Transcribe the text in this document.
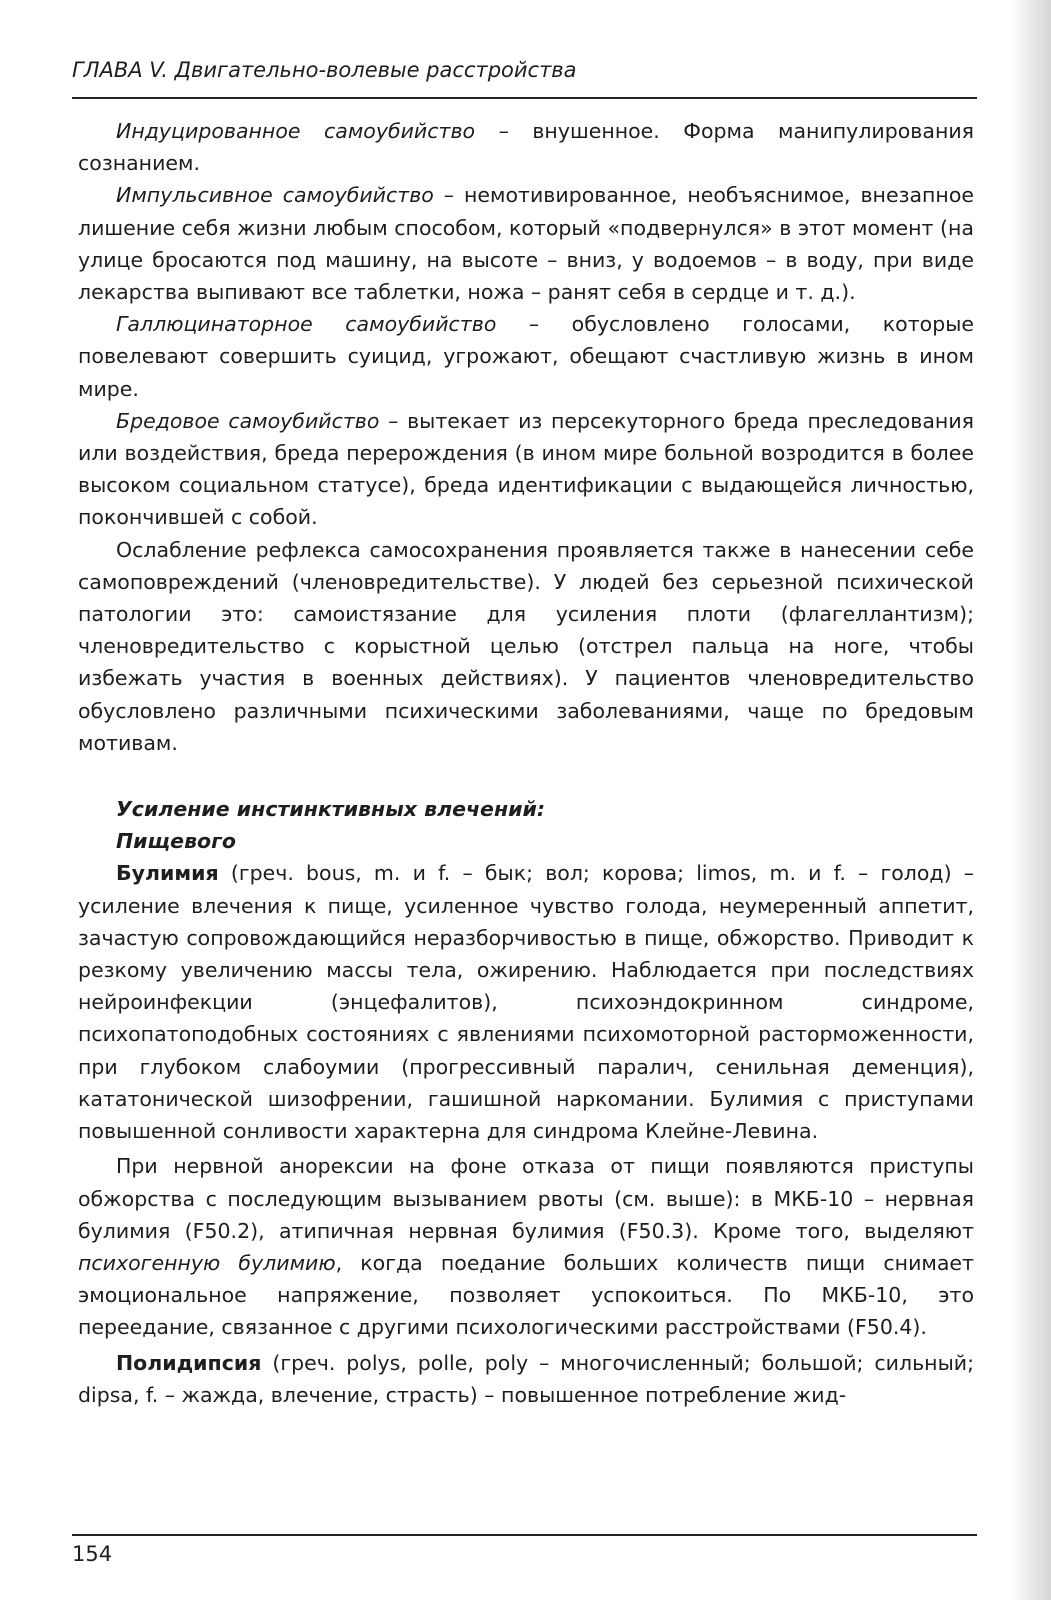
ГЛАВА V. Двигательно-волевые расстройства

Индуцированное самоубийство – внушенное. Форма манипулирования сознанием.

Импульсивное самоубийство – немотивированное, необъяснимое, внезапное лишение себя жизни любым способом, который «подвернулся» в этот момент (на улице бросаются под машину, на высоте – вниз, у водоемов – в воду, при виде лекарства выпивают все таблетки, ножа – ранят себя в сердце и т. д.).

Галлюцинаторное самоубийство – обусловлено голосами, которые повелевают совершить суицид, угрожают, обещают счастливую жизнь в ином мире.

Бредовое самоубийство – вытекает из персекуторного бреда преследования или воздействия, бреда перерождения (в ином мире больной возродится в более высоком социальном статусе), бреда идентификации с выдающейся личностью, покончившей с собой.

Ослабление рефлекса самосохранения проявляется также в нанесении себе самоповреждений (членовредительстве). У людей без серьезной психической патологии это: самоистязание для усиления плоти (флагеллантизм); членовредительство с корыстной целью (отстрел пальца на ноге, чтобы избежать участия в военных действиях). У пациентов членовредительство обусловлено различными психическими заболеваниями, чаще по бредовым мотивам.

Усиление инстинктивных влечений:

Пищевого

Булимия (греч. bous, m. и f. – бык; вол; корова; limos, m. и f. – голод) – усиление влечения к пище, усиленное чувство голода, неумеренный аппетит, зачастую сопровождающийся неразборчивостью в пище, обжорство. Приводит к резкому увеличению массы тела, ожирению. Наблюдается при последствиях нейроинфекции (энцефалитов), психоэндокринном синдроме, психопатоподобных состояниях с явлениями психомоторной расторможенности, при глубоком слабоумии (прогрессивный паралич, сенильная деменция), кататонической шизофрении, гашишной наркомании. Булимия с приступами повышенной сонливости характерна для синдрома Клейне-Левина.

При нервной анорексии на фоне отказа от пищи появляются приступы обжорства с последующим вызыванием рвоты (см. выше): в МКБ-10 – нервная булимия (F50.2), атипичная нервная булимия (F50.3). Кроме того, выделяют психогенную булимию, когда поедание больших количеств пищи снимает эмоциональное напряжение, позволяет успокоиться. По МКБ-10, это переедание, связанное с другими психологическими расстройствами (F50.4).

Полидипсия (греч. polys, polle, poly – многочисленный; большой; сильный; dipsa, f. – жажда, влечение, страсть) – повышенное потребление жид-

154
